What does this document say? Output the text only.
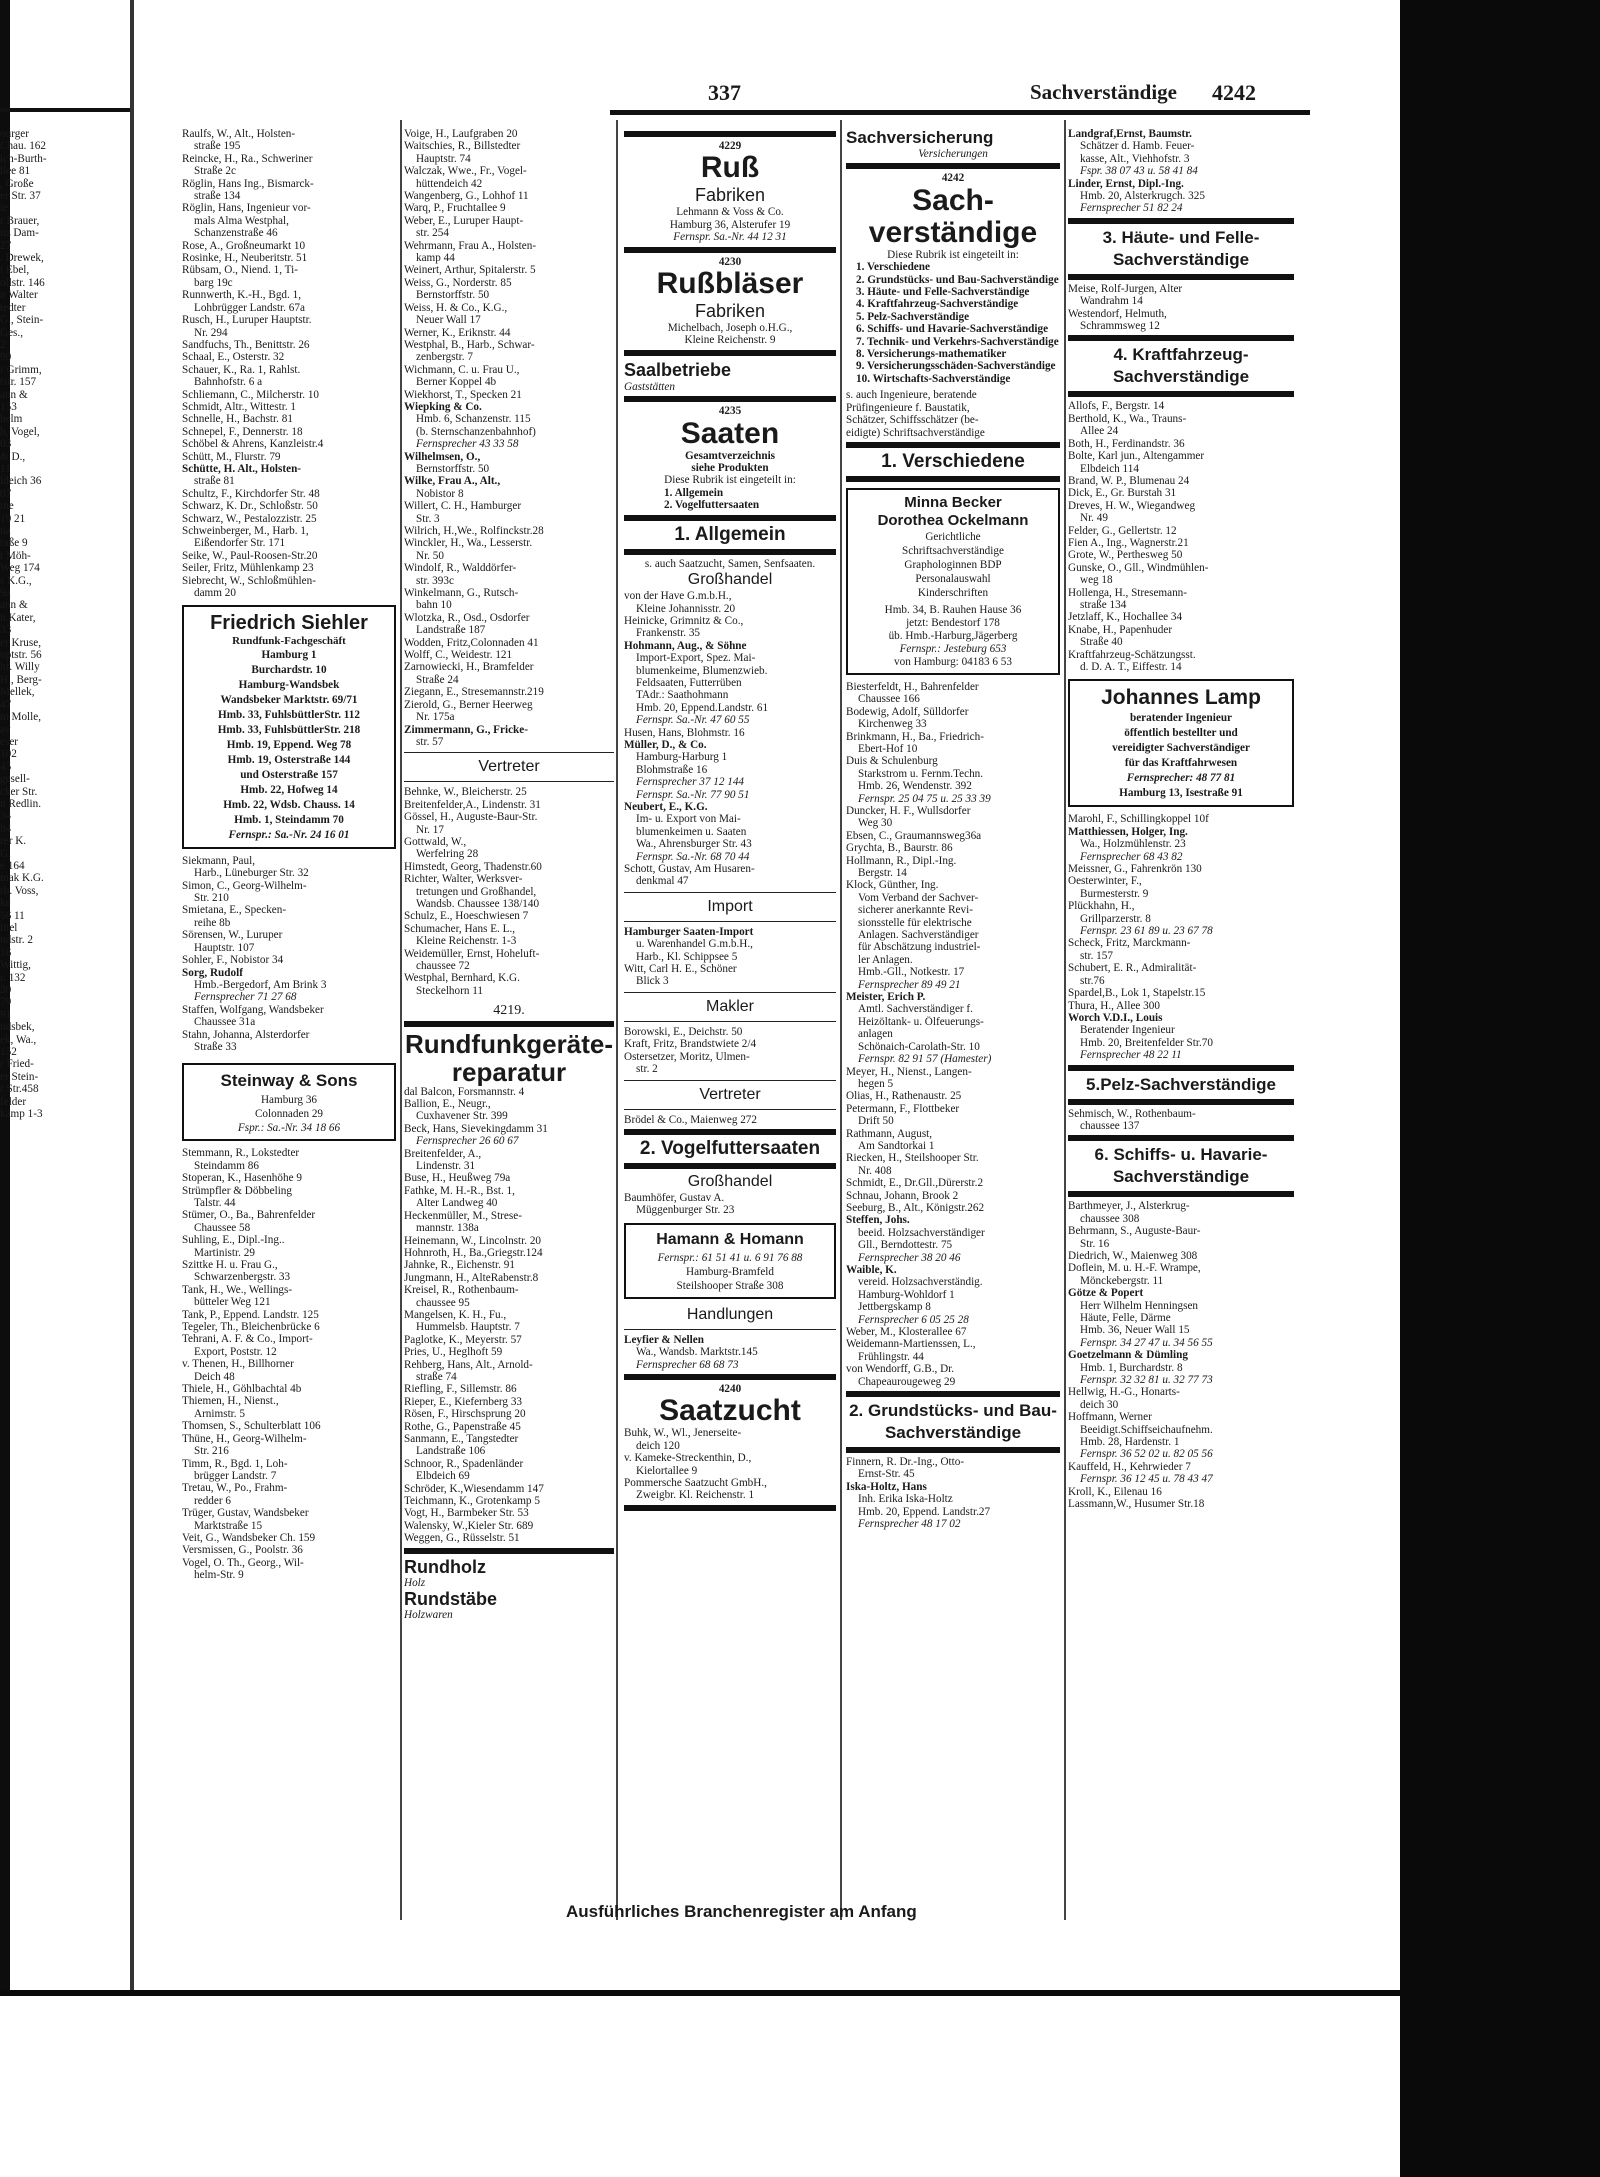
337	Sachverständige 4242

ourger

Chau. 162

ich-Burth-

llee 81

, Große

er Str. 37

ie

r Brauer,

nz Dam-

27

. Drewek,

i Ebel,

ollstr. 146

n Walter

tedter

G., Stein-

Ges.,

2

90

r Grimm,

tstr. 157

ann &

153

helm

h, Vogel,

03

& D.,

11

ldeich 36

07

ine

19 21

na

raße 9

t Möh-

Weg 174

s K.G.,

9a

ann &

n Kater,

33

er Kruse,

uptstr. 56

hf. Willy

H., Berg-

Mellek,

47

m Molle,

av

eser

102

45

gesell-

cker Str.

n Redlin.

34

84

rer K.

G.

e 164

mak K.G.

rb. Voss,

ke

56 11

ittel

ndstr. 2

16

Wittig,

r. 132

30

79

91

ndsbek,

ek, Wa.,

152

r Fried-

er Stein-

r Str.458

felder

kamp 1-3

Raulfs, W., Alt., Holsten-

straße 195

Reincke, H., Ra., Schweriner

Straße 2c

Röglin, Hans Ing., Bismarck-

straße 134

Röglin, Hans, Ingenieur vor-

mals Alma Westphal,

Schanzenstraße 46

Rose, A., Großneumarkt 10

Rosinke, H., Neuberitstr. 51

Rübsam, O., Niend. 1, Ti-

barg 19c

Runnwerth, K.-H., Bgd. 1,

Lohbrügger Landstr. 67a

Rusch, H., Luruper Hauptstr.

Nr. 294

Sandfuchs, Th., Benittstr. 26

Schaal, E., Osterstr. 32

Schauer, K., Ra. 1, Rahlst.

Bahnhofstr. 6 a

Schliemann, C., Milcherstr. 10

Schmidt, Altr., Wittestr. 1

Schnelle, H., Bachstr. 81

Schnepel, F., Dennerstr. 18

Schöbel & Ahrens, Kanzleistr.4

Schütt, M., Flurstr. 79

Schütte, H. Alt., Holsten-

straße 81

Schultz, F., Kirchdorfer Str. 48

Schwarz, K. Dr., Schloßstr. 50

Schwarz, W., Pestalozzistr. 25

Schweinberger, M., Harb. 1,

Eißendorfer Str. 171

Seike, W., Paul-Roosen-Str.20

Seiler, Fritz, Mühlenkamp 23

Siebrecht, W., Schloßmühlen-

damm 20

Friedrich Siehler

Rundfunk-Fachgeschäft

Hamburg 1

Burchardstr. 10

Hamburg-Wandsbek

Wandsbeker Marktstr. 69/71

Hmb. 33, FuhlsbüttlerStr. 112

Hmb. 33, FuhlsbüttlerStr. 218

Hmb. 19, Eppend. Weg 78

Hmb. 19, Osterstraße 144

und Osterstraße 157

Hmb. 22, Hofweg 14

Hmb. 22, Wdsb. Chauss. 14

Hmb. 1, Steindamm 70

Fernspr.: Sa.-Nr. 24 16 01

Siekmann, Paul,

Harb., Lüneburger Str. 32

Simon, C., Georg-Wilhelm-

Str. 210

Smietana, E., Specken-

reihe 8b

Sörensen, W., Luruper

Hauptstr. 107

Sohler, F., Nobistor 34

Sorg, Rudolf

Hmb.-Bergedorf, Am Brink 3

Fernsprecher 71 27 68

Staffen, Wolfgang, Wandsbeker

Chaussee 31a

Stahn, Johanna, Alsterdorfer

Straße 33

Steinway & Sons

Hamburg 36

Colonnaden 29

Fspr.: Sa.-Nr. 34 18 66

Stemmann, R., Lokstedter

Steindamm 86

Stoperan, K., Hasenhöhe 9

Strümpfler & Döbbeling

Talstr. 44

Stümer, O., Ba., Bahrenfelder

Chaussee 58

Suhling, E., Dipl.-Ing..

Martinistr. 29

Szittke H. u. Frau G.,

Schwarzenbergstr. 33

Tank, H., We., Wellings-

bütteler Weg 121

Tank, P., Eppend. Landstr. 125

Tegeler, Th., Bleichenbrücke 6

Tehrani, A. F. & Co., Import-

Export, Poststr. 12

v. Thenen, H., Billhorner

Deich 48

Thiele, H., Göhlbachtal 4b

Thiemen, H., Nienst.,

Arnimstr. 5

Thomsen, S., Schulterblatt 106

Thüne, H., Georg-Wilhelm-

Str. 216

Timm, R., Bgd. 1, Loh-

brügger Landstr. 7

Tretau, W., Po., Frahm-

redder 6

Trüger, Gustav, Wandsbeker

Marktstraße 15

Veit, G., Wandsbeker Ch. 159

Versmissen, G., Poolstr. 36

Vogel, O. Th., Georg., Wil-

helm-Str. 9

Voige, H., Laufgraben 20

Waitschies, R., Billstedter

Hauptstr. 74

Walczak, Wwe., Fr., Vogel-

hüttendeich 42

Wangenberg, G., Lohhof 11

Warq, P., Fruchtallee 9

Weber, E., Luruper Haupt-

str. 254

Wehrmann, Frau A., Holsten-

kamp 44

Weinert, Arthur, Spitalerstr. 5

Weiss, G., Norderstr. 85

Bernstorffstr. 50

Weiss, H. & Co., K.G.,

Neuer Wall 17

Werner, K., Eriknstr. 44

Westphal, B., Harb., Schwar-

zenbergstr. 7

Wichmann, C. u. Frau U.,

Berner Koppel 4b

Wiekhorst, T., Specken 21

Wiepking & Co.

Hmb. 6, Schanzenstr. 115

(b. Sternschanzenbahnhof)

Fernsprecher 43 33 58

Wilhelmsen, O.,

Bernstorffstr. 50

Wilke, Frau A., Alt.,

Nobistor 8

Willert, C. H., Hamburger

Str. 3

Wilrich, H.,We., Rolfinckstr.28

Winckler, H., Wa., Lesserstr.

Nr. 50

Windolf, R., Walddörfer-

str. 393c

Winkelmann, G., Rutsch-

bahn 10

Wlotzka, R., Osd., Osdorfer

Landstraße 187

Wodden, Fritz,Colonnaden 41

Wolff, C., Weidestr. 121

Zarnowiecki, H., Bramfelder

Straße 24

Ziegann, E., Stresemannstr.219

Zierold, G., Berner Heerweg

Nr. 175a

Zimmermann, G., Fricke-

str. 57

Vertreter

Behnke, W., Bleicherstr. 25

Breitenfelder,A., Lindenstr. 31

Gössel, H., Auguste-Baur-Str.

Nr. 17

Gottwald, W.,

Werfelring 28

Himstedt, Georg, Thadenstr.60

Richter, Walter, Werksver-

tretungen und Großhandel,

Wandsb. Chaussee 138/140

Schulz, E., Hoeschwiesen 7

Schumacher, Hans E. L.,

Kleine Reichenstr. 1-3

Weidemüller, Ernst, Hoheluft-

chaussee 72

Westphal, Bernhard, K.G.

Steckelhorn 11

4219.

Rundfunkgeräte-reparatur

dal Balcon, Forsmannstr. 4

Ballion, E., Neugr.,

Cuxhavener Str. 399

Beck, Hans, Sievekingdamm 31

Fernsprecher 26 60 67

Breitenfelder, A.,

Lindenstr. 31

Buse, H., Heußweg 79a

Fathke, M. H.-R., Bst. 1,

Alter Landweg 40

Heckenmüller, M., Strese-

mannstr. 138a

Heinemann, W., Lincolnstr. 20

Hohnroth, H., Ba.,Griegstr.124

Jahnke, R., Eichenstr. 91

Jungmann, H., AlteRabenstr.8

Kreisel, R., Rothenbaum-

chaussee 95

Mangelsen, K. H., Fu.,

Hummelsb. Hauptstr. 7

Paglotke, K., Meyerstr. 57

Pries, U., Heglhoft 59

Rehberg, Hans, Alt., Arnold-

straße 74

Riefling, F., Sillemstr. 86

Rieper, E., Kiefernberg 33

Rösen, F., Hirschsprung 20

Rothe, G., Papenstraße 45

Sanmann, E., Tangstedter

Landstraße 106

Schnoor, R., Spadenländer

Elbdeich 69

Schröder, K.,Wiesendamm 147

Teichmann, K., Grotenkamp 5

Vogt, H., Barmbeker Str. 53

Walensky, W.,Kieler Str. 689

Weggen, G., Rüsselstr. 51

Rundholz

Holz

Rundstäbe

Holzwaren

4229

Ruß

Fabriken

Lehmann & Voss & Co.

Hamburg 36, Alsterufer 19

Fernspr. Sa.-Nr. 44 12 31

4230

Rußbläser

Fabriken

Michelbach, Joseph o.H.G.,

Kleine Reichenstr. 9

Saalbetriebe

Gaststätten

4235

Saaten

Gesamtverzeichnis

siehe Produkten

Diese Rubrik ist eingeteilt in:

1. Allgemein

2. Vogelfuttersaaten

1. Allgemein

s. auch Saatzucht, Samen, Senfsaaten.

Großhandel

von der Have G.m.b.H.,

Kleine Johannisstr. 20

Heinicke, Grimnitz & Co.,

Frankenstr. 35

Hohmann, Aug., & Söhne

Import-Export, Spez. Mai-

blumenkeime, Blumenzwieb.

Feldsaaten, Futterrüben

TAdr.: Saathohmann

Hmb. 20, Eppend.Landstr. 61

Fernspr. Sa.-Nr. 47 60 55

Husen, Hans, Blohmstr. 16

Müller, D., & Co.

Hamburg-Harburg 1

Blohmstraße 16

Fernsprecher 37 12 144

Fernspr. Sa.-Nr. 77 90 51

Neubert, E., K.G.

Im- u. Export von Mai-

blumenkeimen u. Saaten

Wa., Ahrensburger Str. 43

Fernspr. Sa.-Nr. 68 70 44

Schott, Gustav, Am Husaren-

denkmal 47

Import

Hamburger Saaten-Import

u. Warenhandel G.m.b.H.,

Harb., Kl. Schippsee 5

Witt, Carl H. E., Schöner

Blick 3

Makler

Borowski, E., Deichstr. 50

Kraft, Fritz, Brandstwiete 2/4

Ostersetzer, Moritz, Ulmen-

str. 2

Vertreter

Brödel & Co., Maienweg 272

2. Vogelfuttersaaten

Großhandel

Baumhöfer, Gustav A.

Müggenburger Str. 23

Hamann & Homann

Fernspr.: 61 51 41 u. 6 91 76 88

Hamburg-Bramfeld

Steilshooper Straße 308

Handlungen

Leyfier & Nellen

Wa., Wandsb. Marktstr.145

Fernsprecher 68 68 73

4240

Saatzucht

Buhk, W., Wl., Jenerseite-

deich 120

v. Kameke-Streckenthin, D.,

Kielortallee 9

Pommersche Saatzucht GmbH.,

Zweigbr. Kl. Reichenstr. 1

Sachversicherung

Versicherungen

4242

Sach-verständige

Diese Rubrik ist eingeteilt in:

1. Verschiedene

2. Grundstücks- und Bau-Sachverständige

3. Häute- und Felle-Sachverständige

4. Kraftfahrzeug-Sachverständige

5. Pelz-Sachverständige

6. Schiffs- und Havarie-Sachverständige

7. Technik- und Verkehrs-Sachverständige

8. Versicherungs-mathematiker

9. Versicherungsschäden-Sachverständige

10. Wirtschafts-Sachverständige

s. auch Ingenieure, beratende

Prüfingenieure f. Baustatik,

Schätzer, Schiffsschätzer (be-

eidigte) Schriftsachverständige

1. Verschiedene

Minna Becker

Dorothea Ockelmann

Gerichtliche

Schriftsachverständige

Graphologinnen BDP

Personalauswahl

Kinderschriften

Hmb. 34, B. Rauhen Hause 36

jetzt: Bendestorf 178

üb. Hmb.-Harburg,Jägerberg

Fernspr.: Jesteburg 653

von Hamburg: 04183 6 53

Biesterfeldt, H., Bahrenfelder

Chaussee 166

Bodewig, Adolf, Sülldorfer

Kirchenweg 33

Brinkmann, H., Ba., Friedrich-

Ebert-Hof 10

Duis & Schulenburg

Starkstrom u. Fernm.Techn.

Hmb. 26, Wendenstr. 392

Fernspr. 25 04 75 u. 25 33 39

Duncker, H. F., Wullsdorfer

Weg 30

Ebsen, C., Graumannsweg36a

Grychta, B., Baurstr. 86

Hollmann, R., Dipl.-Ing.

Bergstr. 14

Klock, Günther, Ing.

Vom Verband der Sachver-

sicherer anerkannte Revi-

sionsstelle für elektrische

Anlagen. Sachverständiger

für Abschätzung industriel-

ler Anlagen.

Hmb.-Gll., Notkestr. 17

Fernsprecher 89 49 21

Meister, Erich P.

Amtl. Sachverständiger f.

Heizöltank- u. Ölfeuerungs-

anlagen

Schönaich-Carolath-Str. 10

Fernspr. 82 91 57 (Hamester)

Meyer, H., Nienst., Langen-

hegen 5

Olias, H., Rathenaustr. 25

Petermann, F., Flottbeker

Drift 50

Rathmann, August,

Am Sandtorkai 1

Riecken, H., Steilshooper Str.

Nr. 408

Schmidt, E., Dr.Gll.,Dürerstr.2

Schnau, Johann, Brook 2

Seeburg, B., Alt., Königstr.262

Steffen, Johs.

beeid. Holzsachverständiger

Gll., Berndottestr. 75

Fernsprecher 38 20 46

Waible, K.

vereid. Holzsachverständig.

Hamburg-Wohldorf 1

Jettbergskamp 8

Fernsprecher 6 05 25 28

Weber, M., Klosterallee 67

Weidemann-Martienssen, L.,

Frühlingstr. 44

von Wendorff, G.B., Dr.

Chapeaurougeweg 29

2. Grundstücks- und Bau-Sachverständige

Finnern, R. Dr.-Ing., Otto-

Ernst-Str. 45

Iska-Holtz, Hans

Inh. Erika Iska-Holtz

Hmb. 20, Eppend. Landstr.27

Fernsprecher 48 17 02

Landgraf,Ernst, Baumstr.

Schätzer d. Hamb. Feuer-

kasse, Alt., Viehhofstr. 3

Fspr. 38 07 43 u. 58 41 84

Linder, Ernst, Dipl.-Ing.

Hmb. 20, Alsterkrugch. 325

Fernsprecher 51 82 24

3. Häute- und Felle-Sachverständige

Meise, Rolf-Jurgen, Alter

Wandrahm 14

Westendorf, Helmuth,

Schrammsweg 12

4. Kraftfahrzeug-Sachverständige

Allofs, F., Bergstr. 14

Berthold, K., Wa., Trauns-

Allee 24

Both, H., Ferdinandstr. 36

Bolte, Karl jun., Altengammer

Elbdeich 114

Brand, W. P., Blumenau 24

Dick, E., Gr. Burstah 31

Dreves, H. W., Wiegandweg

Nr. 49

Felder, G., Gellertstr. 12

Fien A., Ing., Wagnerstr.21

Grote, W., Perthesweg 50

Gunske, O., Gll., Windmühlen-

weg 18

Hollenga, H., Stresemann-

straße 134

Jetzlaff, K., Hochallee 34

Knabe, H., Papenhuder

Straße 40

Kraftfahrzeug-Schätzungsst.

d. D. A. T., Eiffestr. 14

Johannes Lamp

beratender Ingenieur

öffentlich bestellter und

vereidigter Sachverständiger

für das Kraftfahrwesen

Fernsprecher: 48 77 81

Hamburg 13, Isestraße 91

Marohl, F., Schillingkoppel 10f

Matthiessen, Holger, Ing.

Wa., Holzmühlenstr. 23

Fernsprecher 68 43 82

Meissner, G., Fahrenkrön 130

Oesterwinter, F.,

Burmesterstr. 9

Plückhahn, H.,

Grillparzerstr. 8

Fernspr. 23 61 89 u. 23 67 78

Scheck, Fritz, Marckmann-

str. 157

Schubert, E. R., Admiralität-

str.76

Spardel,B., Lok 1, Stapelstr.15

Thura, H., Allee 300

Worch V.D.I., Louis

Beratender Ingenieur

Hmb. 20, Breitenfelder Str.70

Fernsprecher 48 22 11

5.Pelz-Sachverständige

Sehmisch, W., Rothenbaum-

chaussee 137

6. Schiffs- u. Havarie-Sachverständige

Barthmeyer, J., Alsterkrug-

chaussee 308

Behrmann, S., Auguste-Baur-

Str. 16

Diedrich, W., Maienweg 308

Doflein, M. u. H.-F. Wrampe,

Mönckebergstr. 11

Götze & Popert

Herr Wilhelm Henningsen

Häute, Felle, Därme

Hmb. 36, Neuer Wall 15

Fernspr. 34 27 47 u. 34 56 55

Goetzelmann & Dümling

Hmb. 1, Burchardstr. 8

Fernspr. 32 32 81 u. 32 77 73

Hellwig, H.-G., Honarts-

deich 30

Hoffmann, Werner

Beeidigt.Schiffseichaufnehm.

Hmb. 28, Hardenstr. 1

Fernspr. 36 52 02 u. 82 05 56

Kauffeld, H., Kehrwieder 7

Fernspr. 36 12 45 u. 78 43 47

Kroll, K., Eilenau 16

Lassmann,W., Husumer Str.18

Ausführliches Branchenregister am Anfang
